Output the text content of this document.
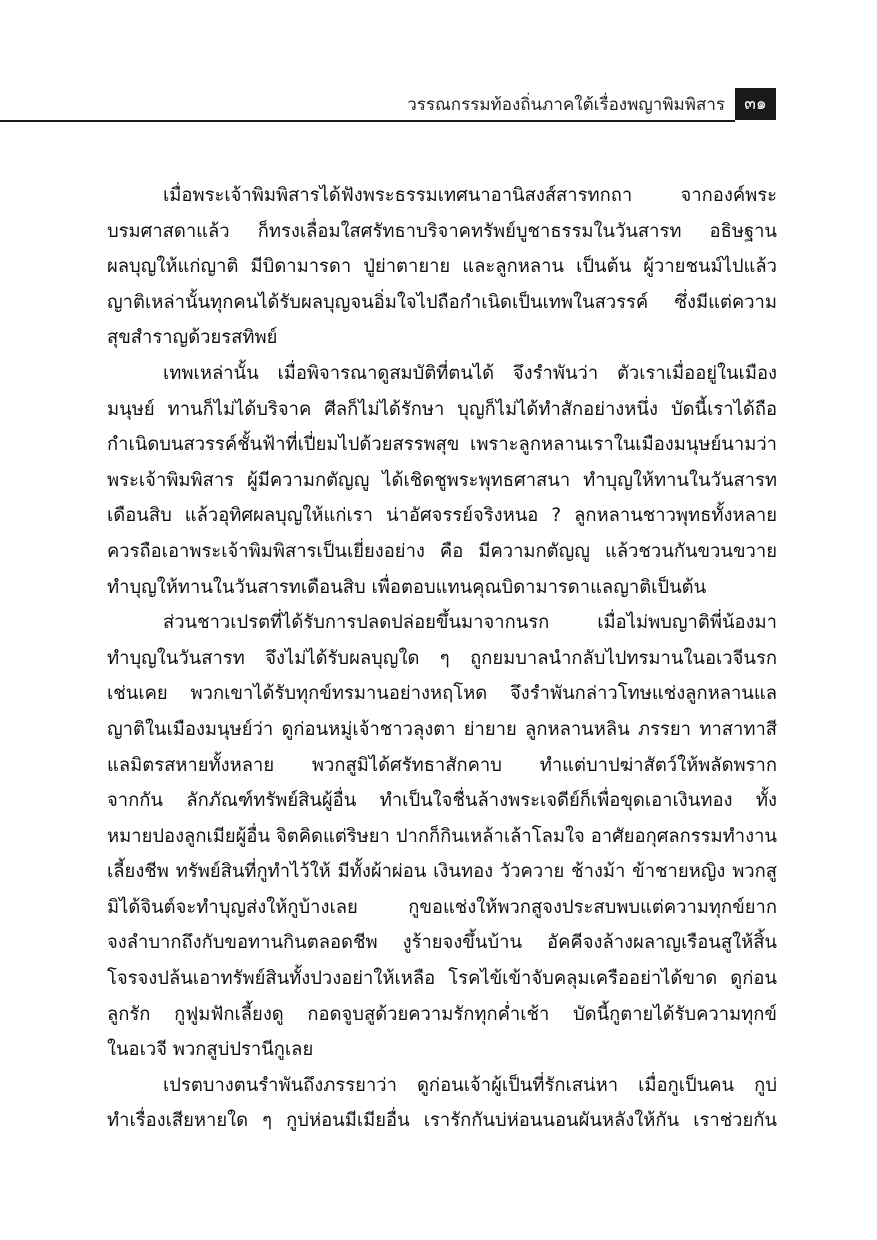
วรรณกรรมท้องถิ่นภาคใต้เรื่องพญาพิมพิสาร	๓๑
เมื่อพระเจ้าพิมพิสารได้ฟังพระธรรมเทศนาอานิสงส์สารทกถา จากองค์พระ
บรมศาสดาแล้ว ก็ทรงเลื่อมใสศรัทธาบริจาคทรัพย์บูชาธรรมในวันสารท อธิษฐาน
ผลบุญให้แก่ญาติ มีบิดามารดา ปู่ย่าตายาย และลูกหลาน เป็นต้น ผู้วายชนม์ไปแล้ว
ญาติเหล่านั้นทุกคนได้รับผลบุญจนอิ่มใจไปถือกำเนิดเป็นเทพในสวรรค์ ซึ่งมีแต่ความ
สุขสำราญด้วยรสทิพย์
เทพเหล่านั้น เมื่อพิจารณาดูสมบัติที่ตนได้ จึงรำพันว่า ตัวเราเมื่ออยู่ในเมือง
มนุษย์ ทานก็ไม่ได้บริจาค ศีลก็ไม่ได้รักษา บุญก็ไม่ได้ทำสักอย่างหนึ่ง บัดนี้เราได้ถือ
กำเนิดบนสวรรค์ชั้นฟ้าที่เปี่ยมไปด้วยสรรพสุข เพราะลูกหลานเราในเมืองมนุษย์นามว่า
พระเจ้าพิมพิสาร ผู้มีความกตัญญู ได้เชิดชูพระพุทธศาสนา ทำบุญให้ทานในวันสารท
เดือนสิบ แล้วอุทิศผลบุญให้แก่เรา น่าอัศจรรย์จริงหนอ ? ลูกหลานชาวพุทธทั้งหลาย
ควรถือเอาพระเจ้าพิมพิสารเป็นเยี่ยงอย่าง คือ มีความกตัญญู แล้วชวนกันขวนขวาย
ทำบุญให้ทานในวันสารทเดือนสิบ เพื่อตอบแทนคุณบิดามารดาแลญาติเป็นต้น
ส่วนชาวเปรตที่ได้รับการปลดปล่อยขึ้นมาจากนรก เมื่อไม่พบญาติพี่น้องมา
ทำบุญในวันสารท จึงไม่ได้รับผลบุญใด ๆ ถูกยมบาลนำกลับไปทรมานในอเวจีนรก
เช่นเคย พวกเขาได้รับทุกข์ทรมานอย่างหฤโหด จึงรำพันกล่าวโทษแช่งลูกหลานแล
ญาติในเมืองมนุษย์ว่า ดูก่อนหมู่เจ้าชาวลุงตา ย่ายาย ลูกหลานหลิน ภรรยา ทาสาทาสี
แลมิตรสหายทั้งหลาย พวกสูมิได้ศรัทธาสักคาบ ทำแต่บาปฆ่าสัตว์ให้พลัดพราก
จากกัน ลักภัณฑ์ทรัพย์สินผู้อื่น ทำเป็นใจชื่นล้างพระเจดีย์ก็เพื่อขุดเอาเงินทอง ทั้ง
หมายปองลูกเมียผู้อื่น จิตคิดแต่ริษยา ปากก็กินเหล้าเล้าโลมใจ อาศัยอกุศลกรรมทำงาน
เลี้ยงชีพ ทรัพย์สินที่กูทำไว้ให้ มีทั้งผ้าผ่อน เงินทอง วัวควาย ช้างม้า ข้าชายหญิง พวกสู
มิได้จินต์จะทำบุญส่งให้กูบ้างเลย กูขอแช่งให้พวกสูจงประสบพบแต่ความทุกข์ยาก
จงลำบากถึงกับขอทานกินตลอดชีพ งูร้ายจงขึ้นบ้าน อัคคีจงล้างผลาญเรือนสูให้สิ้น
โจรจงปล้นเอาทรัพย์สินทั้งปวงอย่าให้เหลือ โรคไข้เข้าจับคลุมเครืออย่าได้ขาด ดูก่อน
ลูกรัก กูฟูมฟักเลี้ยงดู กอดจูบสูด้วยความรักทุกค่ำเช้า บัดนี้กูตายได้รับความทุกข์
ในอเวจี พวกสูบ่ปรานีกูเลย
เปรตบางตนรำพันถึงภรรยาว่า ดูก่อนเจ้าผู้เป็นที่รักเสน่หา เมื่อกูเป็นคน กูบ่
ทำเรื่องเสียหายใด ๆ กูบ่ห่อนมีเมียอื่น เรารักกันบ่ห่อนนอนผันหลังให้กัน เราช่วยกัน
